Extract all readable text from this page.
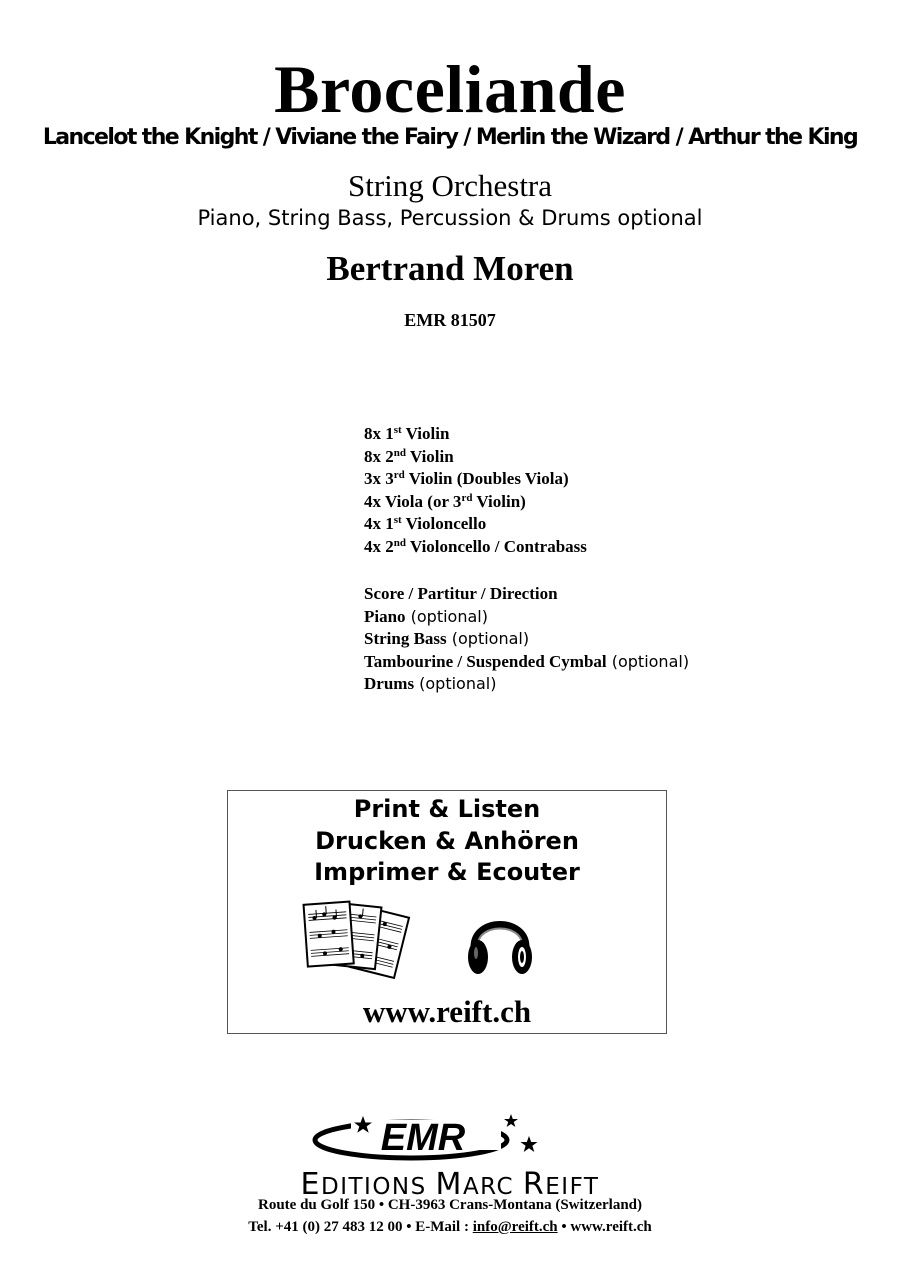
Broceliande
Lancelot the Knight / Viviane the Fairy / Merlin the Wizard / Arthur the King
String Orchestra
Piano, String Bass, Percussion & Drums optional
Bertrand Moren
EMR 81507
8x 1st Violin
8x 2nd Violin
3x 3rd Violin (Doubles Viola)
4x Viola (or 3rd Violin)
4x 1st Violoncello
4x 2nd Violoncello / Contrabass
Score / Partitur / Direction
Piano (optional)
String Bass (optional)
Tambourine / Suspended Cymbal (optional)
Drums (optional)
Print & Listen
Drucken & Anhören
Imprimer & Ecouter
www.reift.ch
EMR
EDITIONS MARC REIFT
Route du Golf 150 • CH-3963 Crans-Montana (Switzerland)
Tel. +41 (0) 27 483 12 00 • E-Mail : info@reift.ch • www.reift.ch
